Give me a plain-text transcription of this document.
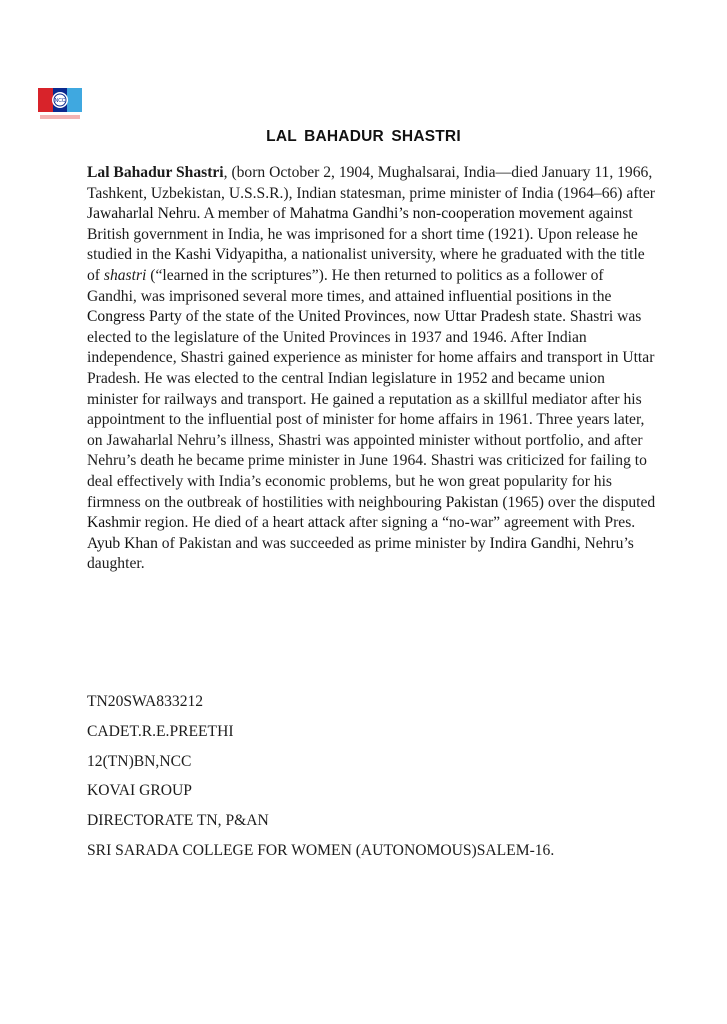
NCC
LAL BAHADUR SHASTRI
Lal Bahadur Shastri, (born October 2, 1904, Mughalsarai, India—died January 11, 1966, Tashkent, Uzbekistan, U.S.S.R.), Indian statesman, prime minister of India (1964–66) after Jawaharlal Nehru. A member of Mahatma Gandhi’s non-cooperation movement against British government in India, he was imprisoned for a short time (1921). Upon release he studied in the Kashi Vidyapitha, a nationalist university, where he graduated with the title of shastri (“learned in the scriptures”). He then returned to politics as a follower of Gandhi, was imprisoned several more times, and attained influential positions in the Congress Party of the state of the United Provinces, now Uttar Pradesh state. Shastri was elected to the legislature of the United Provinces in 1937 and 1946. After Indian independence, Shastri gained experience as minister for home affairs and transport in Uttar Pradesh. He was elected to the central Indian legislature in 1952 and became union minister for railways and transport. He gained a reputation as a skillful mediator after his appointment to the influential post of minister for home affairs in 1961. Three years later, on Jawaharlal Nehru’s illness, Shastri was appointed minister without portfolio, and after Nehru’s death he became prime minister in June 1964. Shastri was criticized for failing to deal effectively with India’s economic problems, but he won great popularity for his firmness on the outbreak of hostilities with neighbouring Pakistan (1965) over the disputed Kashmir region. He died of a heart attack after signing a “no-war” agreement with Pres. Ayub Khan of Pakistan and was succeeded as prime minister by Indira Gandhi, Nehru’s daughter.
TN20SWA833212
CADET.R.E.PREETHI
12(TN)BN,NCC
KOVAI GROUP
DIRECTORATE TN, P&AN
SRI SARADA COLLEGE FOR WOMEN (AUTONOMOUS)SALEM-16.
